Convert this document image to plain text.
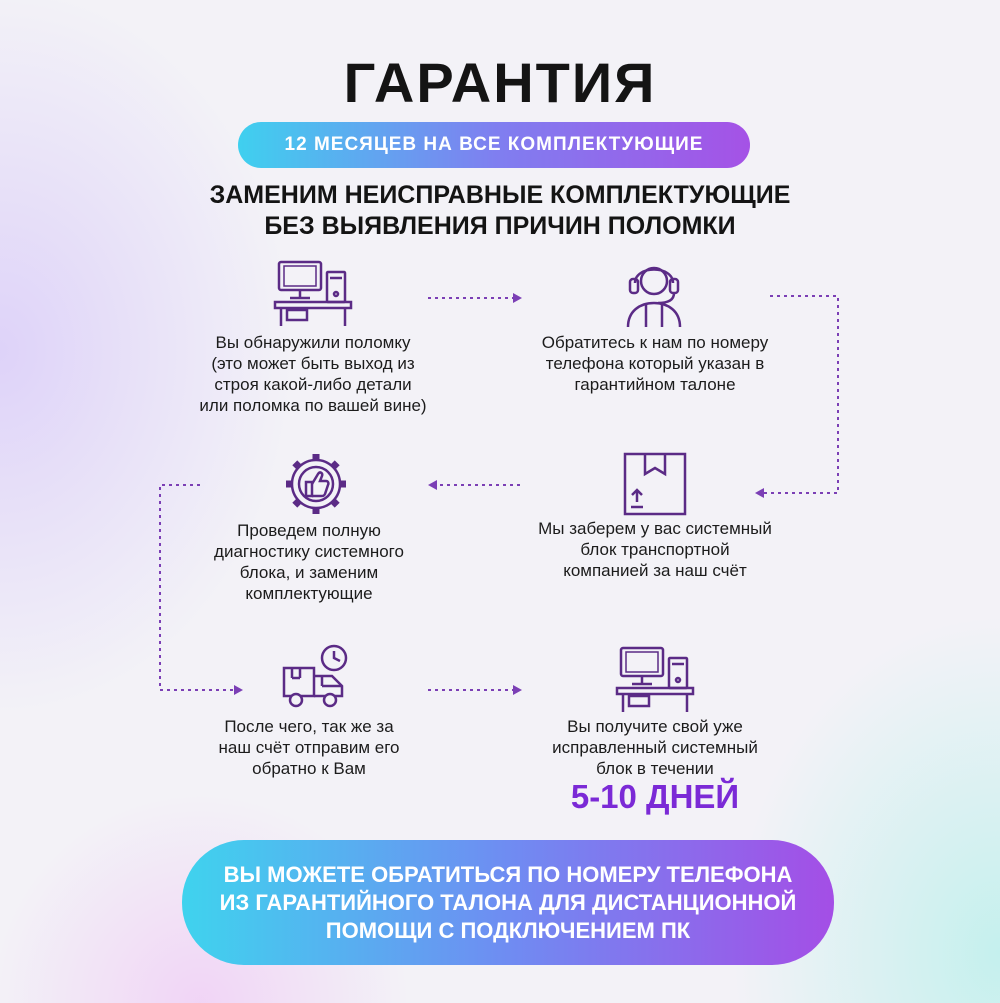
ГАРАНТИЯ
12 МЕСЯЦЕВ НА ВСЕ КОМПЛЕКТУЮЩИЕ
ЗАМЕНИМ НЕИСПРАВНЫЕ КОМПЛЕКТУЮЩИЕ
БЕЗ ВЫЯВЛЕНИЯ ПРИЧИН ПОЛОМКИ
Вы обнаружили поломку
(это может быть выход из
строя какой-либо детали
или поломка по вашей вине)
Обратитесь к нам по номеру
телефона который указан в
гарантийном талоне
Мы заберем у вас системный
блок транспортной
компанией за наш счёт
Проведем полную
диагностику системного
блока, и заменим
комплектующие
После чего, так же за
наш счёт отправим его
обратно к Вам
Вы получите свой уже
исправленный системный
блок в течении
5-10 ДНЕЙ
ВЫ МОЖЕТЕ ОБРАТИТЬСЯ ПО НОМЕРУ ТЕЛЕФОНА
ИЗ ГАРАНТИЙНОГО ТАЛОНА ДЛЯ ДИСТАНЦИОННОЙ
ПОМОЩИ С ПОДКЛЮЧЕНИЕМ ПК
